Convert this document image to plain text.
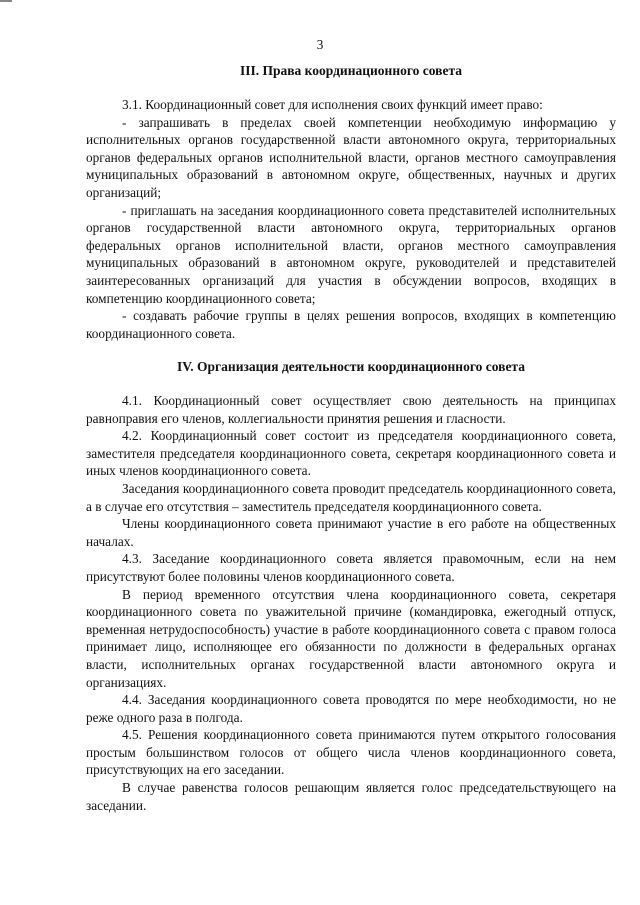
3
III. Права координационного совета

3.1. Координационный совет для исполнения своих функций имеет право:

- запрашивать в пределах своей компетенции необходимую информацию у исполнительных органов государственной власти автономного округа, территориальных органов федеральных органов исполнительной власти, органов местного самоуправления муниципальных образований в автономном округе, общественных, научных и других организаций;

- приглашать на заседания координационного совета представителей исполнительных органов государственной власти автономного округа, территориальных органов федеральных органов исполнительной власти, органов местного самоуправления муниципальных образований в автономном округе, руководителей и представителей заинтересованных организаций для участия в обсуждении вопросов, входящих в компетенцию координационного совета;

- создавать рабочие группы в целях решения вопросов, входящих в компетенцию координационного совета.

IV. Организация деятельности координационного совета

4.1. Координационный совет осуществляет свою деятельность на принципах равноправия его членов, коллегиальности принятия решения и гласности.

4.2. Координационный совет состоит из председателя координационного совета, заместителя председателя координационного совета, секретаря координационного совета и иных членов координационного совета.

Заседания координационного совета проводит председатель координационного совета, а в случае его отсутствия – заместитель председателя координационного совета.

Члены координационного совета принимают участие в его работе на общественных началах.

4.3. Заседание координационного совета является правомочным, если на нем присутствуют более половины членов координационного совета.

В период временного отсутствия члена координационного совета, секретаря координационного совета по уважительной причине (командировка, ежегодный отпуск, временная нетрудоспособность) участие в работе координационного совета с правом голоса принимает лицо, исполняющее его обязанности по должности в федеральных органах власти, исполнительных органах государственной власти автономного округа и организациях.

4.4. Заседания координационного совета проводятся по мере необходимости, но не реже одного раза в полгода.

4.5. Решения координационного совета принимаются путем открытого голосования простым большинством голосов от общего числа членов координационного совета, присутствующих на его заседании.

В случае равенства голосов решающим является голос председательствующего на заседании.
